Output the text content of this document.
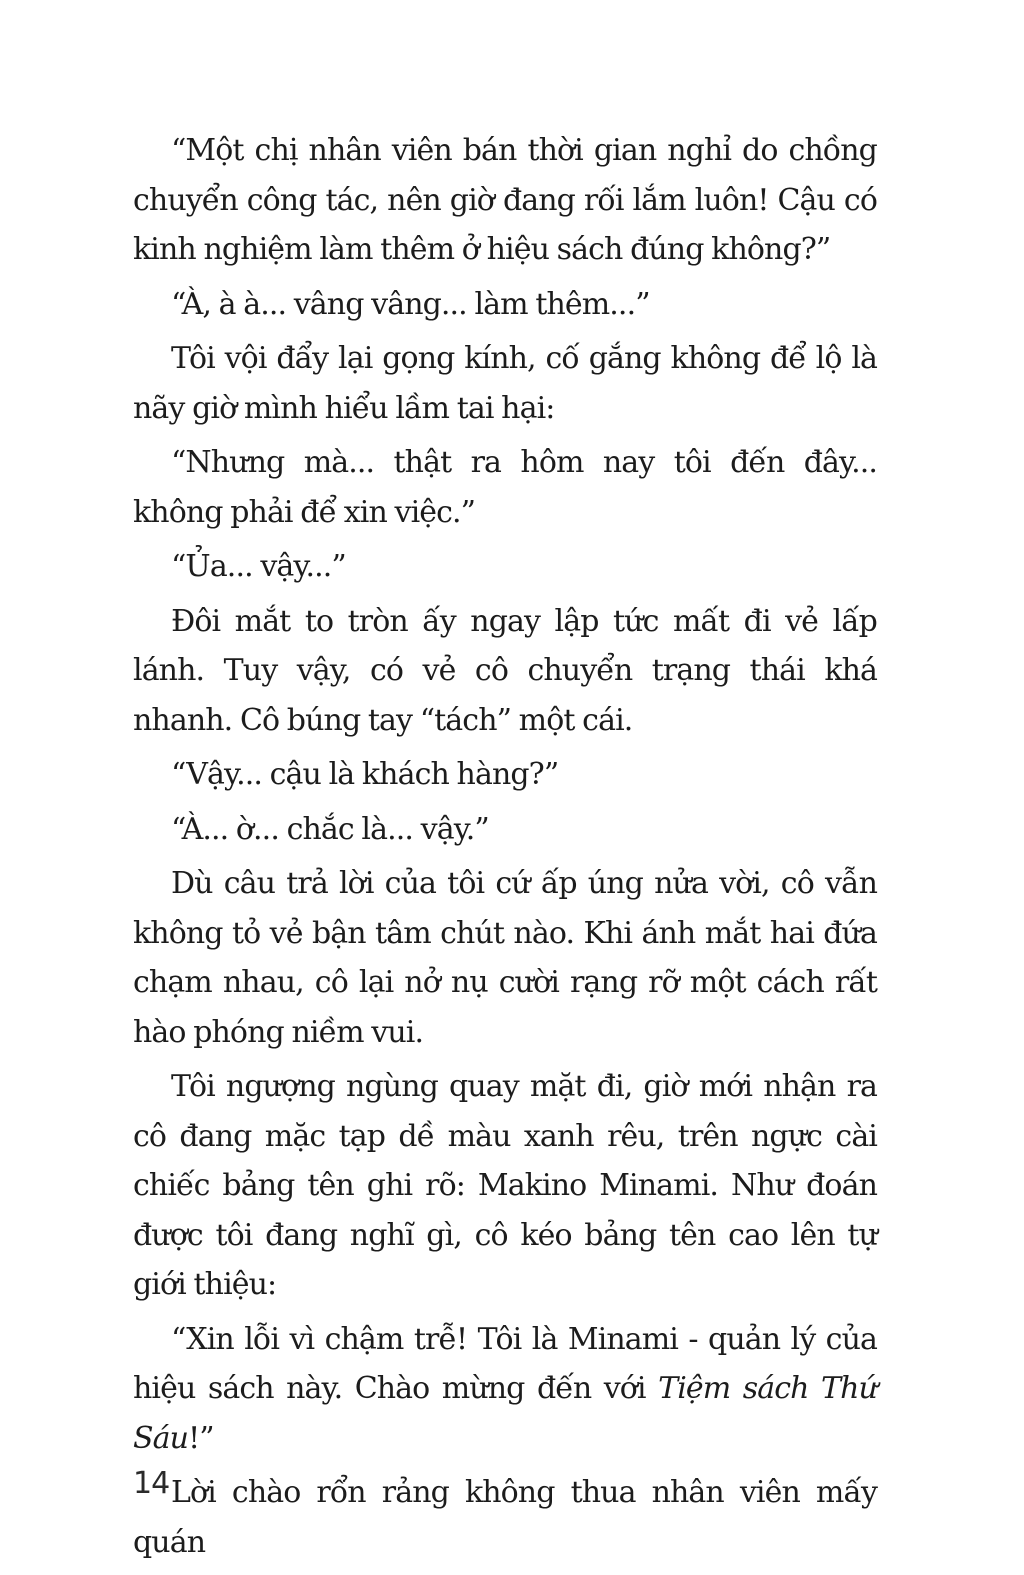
“Một chị nhân viên bán thời gian nghỉ do chồng chuyển công tác, nên giờ đang rối lắm luôn! Cậu có kinh nghiệm làm thêm ở hiệu sách đúng không?”

“À, à à... vâng vâng... làm thêm...”

Tôi vội đẩy lại gọng kính, cố gắng không để lộ là nãy giờ mình hiểu lầm tai hại:

“Nhưng mà... thật ra hôm nay tôi đến đây... không phải để xin việc.”

“Ủa... vậy...”

Đôi mắt to tròn ấy ngay lập tức mất đi vẻ lấp lánh. Tuy vậy, có vẻ cô chuyển trạng thái khá nhanh. Cô búng tay “tách” một cái.

“Vậy... cậu là khách hàng?”

“À... ờ... chắc là... vậy.”

Dù câu trả lời của tôi cứ ấp úng nửa vời, cô vẫn không tỏ vẻ bận tâm chút nào. Khi ánh mắt hai đứa chạm nhau, cô lại nở nụ cười rạng rỡ một cách rất hào phóng niềm vui.

Tôi ngượng ngùng quay mặt đi, giờ mới nhận ra cô đang mặc tạp dề màu xanh rêu, trên ngực cài chiếc bảng tên ghi rõ: Makino Minami. Như đoán được tôi đang nghĩ gì, cô kéo bảng tên cao lên tự giới thiệu:

“Xin lỗi vì chậm trễ! Tôi là Minami - quản lý của hiệu sách này. Chào mừng đến với Tiệm sách Thứ Sáu!”

Lời chào rổn rảng không thua nhân viên mấy quán

14
